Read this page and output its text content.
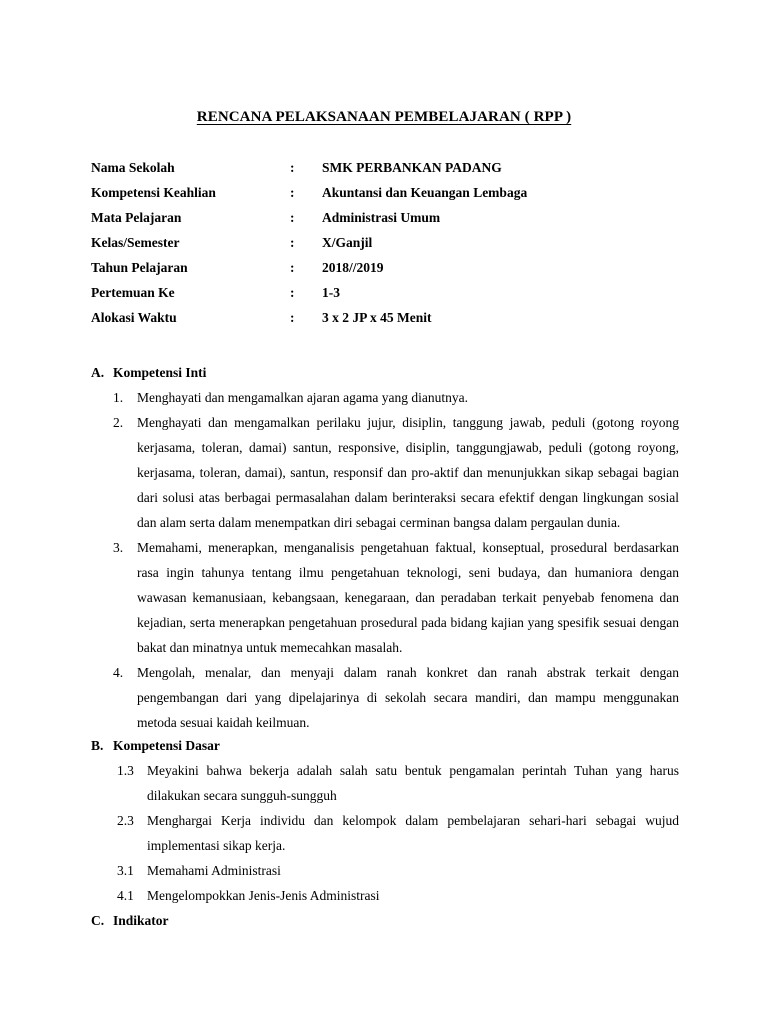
RENCANA PELAKSANAAN PEMBELAJARAN ( RPP )
Nama Sekolah	:	SMK PERBANKAN PADANG
Kompetensi Keahlian	:	Akuntansi dan Keuangan Lembaga
Mata Pelajaran	:	Administrasi Umum
Kelas/Semester	:	X/Ganjil
Tahun Pelajaran	:	2018//2019
Pertemuan Ke	:	1-3
Alokasi Waktu	:	3 x 2 JP x 45 Menit
A. Kompetensi Inti
1.	Menghayati dan mengamalkan ajaran agama yang dianutnya.
2.	Menghayati dan mengamalkan perilaku jujur, disiplin, tanggung jawab, peduli (gotong royong kerjasama, toleran, damai) santun, responsive, disiplin, tanggungjawab, peduli (gotong royong, kerjasama, toleran, damai), santun, responsif dan pro-aktif dan menunjukkan sikap sebagai bagian dari solusi atas berbagai permasalahan dalam berinteraksi secara efektif dengan lingkungan sosial dan alam serta dalam menempatkan diri sebagai cerminan bangsa dalam pergaulan dunia.
3.	Memahami, menerapkan, menganalisis pengetahuan faktual, konseptual, prosedural berdasarkan rasa ingin tahunya tentang ilmu pengetahuan teknologi, seni budaya, dan humaniora dengan wawasan kemanusiaan, kebangsaan, kenegaraan, dan peradaban terkait penyebab fenomena dan kejadian, serta menerapkan pengetahuan prosedural pada bidang kajian yang spesifik sesuai dengan bakat dan minatnya untuk memecahkan masalah.
4.	Mengolah, menalar, dan menyaji dalam ranah konkret dan ranah abstrak terkait dengan pengembangan dari yang dipelajarinya di sekolah secara mandiri, dan mampu menggunakan metoda sesuai kaidah keilmuan.
B. Kompetensi Dasar
1.3 Meyakini bahwa bekerja adalah salah satu bentuk pengamalan perintah Tuhan yang harus dilakukan secara sungguh-sungguh
2.3 Menghargai Kerja individu dan kelompok dalam pembelajaran sehari-hari sebagai wujud implementasi sikap kerja.
3.1 Memahami Administrasi
4.1 Mengelompokkan Jenis-Jenis Administrasi
C. Indikator
